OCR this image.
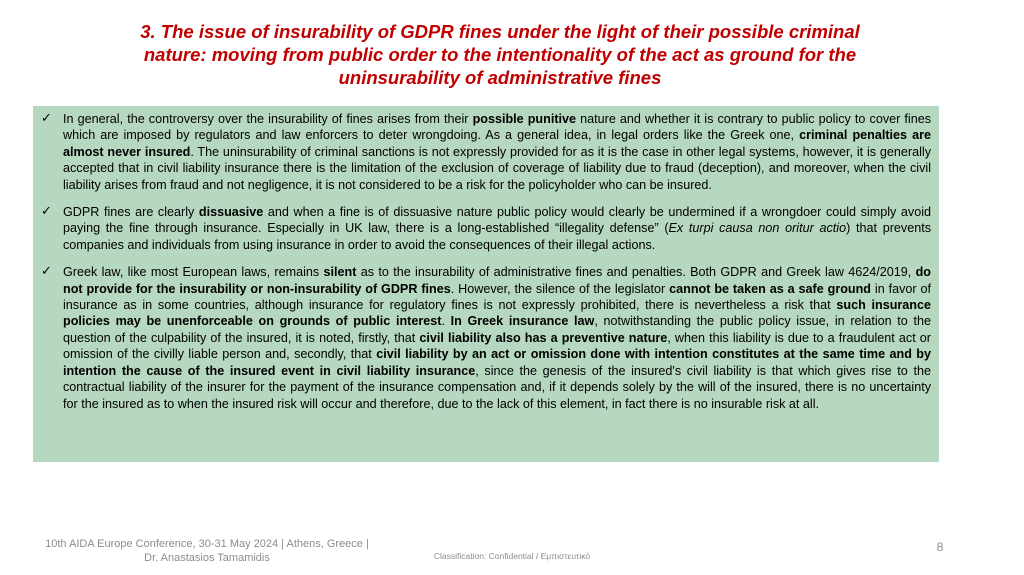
3. The issue of insurability of GDPR fines under the light of their possible criminal nature: moving from public order to the intentionality of the act as ground for the uninsurability of administrative fines
✓ In general, the controversy over the insurability of fines arises from their possible punitive nature and whether it is contrary to public policy to cover fines which are imposed by regulators and law enforcers to deter wrongdoing. As a general idea, in legal orders like the Greek one, criminal penalties are almost never insured. The uninsurability of criminal sanctions is not expressly provided for as it is the case in other legal systems, however, it is generally accepted that in civil liability insurance there is the limitation of the exclusion of coverage of liability due to fraud (deception), and moreover, when the civil liability arises from fraud and not negligence, it is not considered to be a risk for the policyholder who can be insured.

✓ GDPR fines are clearly dissuasive and when a fine is of dissuasive nature public policy would clearly be undermined if a wrongdoer could simply avoid paying the fine through insurance. Especially in UK law, there is a long-established “illegality defense” (Ex turpi causa non oritur actio) that prevents companies and individuals from using insurance in order to avoid the consequences of their illegal actions.

✓ Greek law, like most European laws, remains silent as to the insurability of administrative fines and penalties. Both GDPR and Greek law 4624/2019, do not provide for the insurability or non-insurability of GDPR fines. However, the silence of the legislator cannot be taken as a safe ground in favor of insurance as in some countries, although insurance for regulatory fines is not expressly prohibited, there is nevertheless a risk that such insurance policies may be unenforceable on grounds of public interest. In Greek insurance law, notwithstanding the public policy issue, in relation to the question of the culpability of the insured, it is noted, firstly, that civil liability also has a preventive nature, when this liability is due to a fraudulent act or omission of the civilly liable person and, secondly, that civil liability by an act or omission done with intention constitutes at the same time and by intention the cause of the insured event in civil liability insurance, since the genesis of the insured's civil liability is that which gives rise to the contractual liability of the insurer for the payment of the insurance compensation and, if it depends solely by the will of the insured, there is no uncertainty for the insured as to when the insured risk will occur and therefore, due to the lack of this element, in fact there is no insurable risk at all.

10th AIDA Europe Conference, 30-31 May 2024 | Athens, Greece | Dr. Anastasios Tamamidis	Classification: Confidential / Εμπιστευτικό
8
